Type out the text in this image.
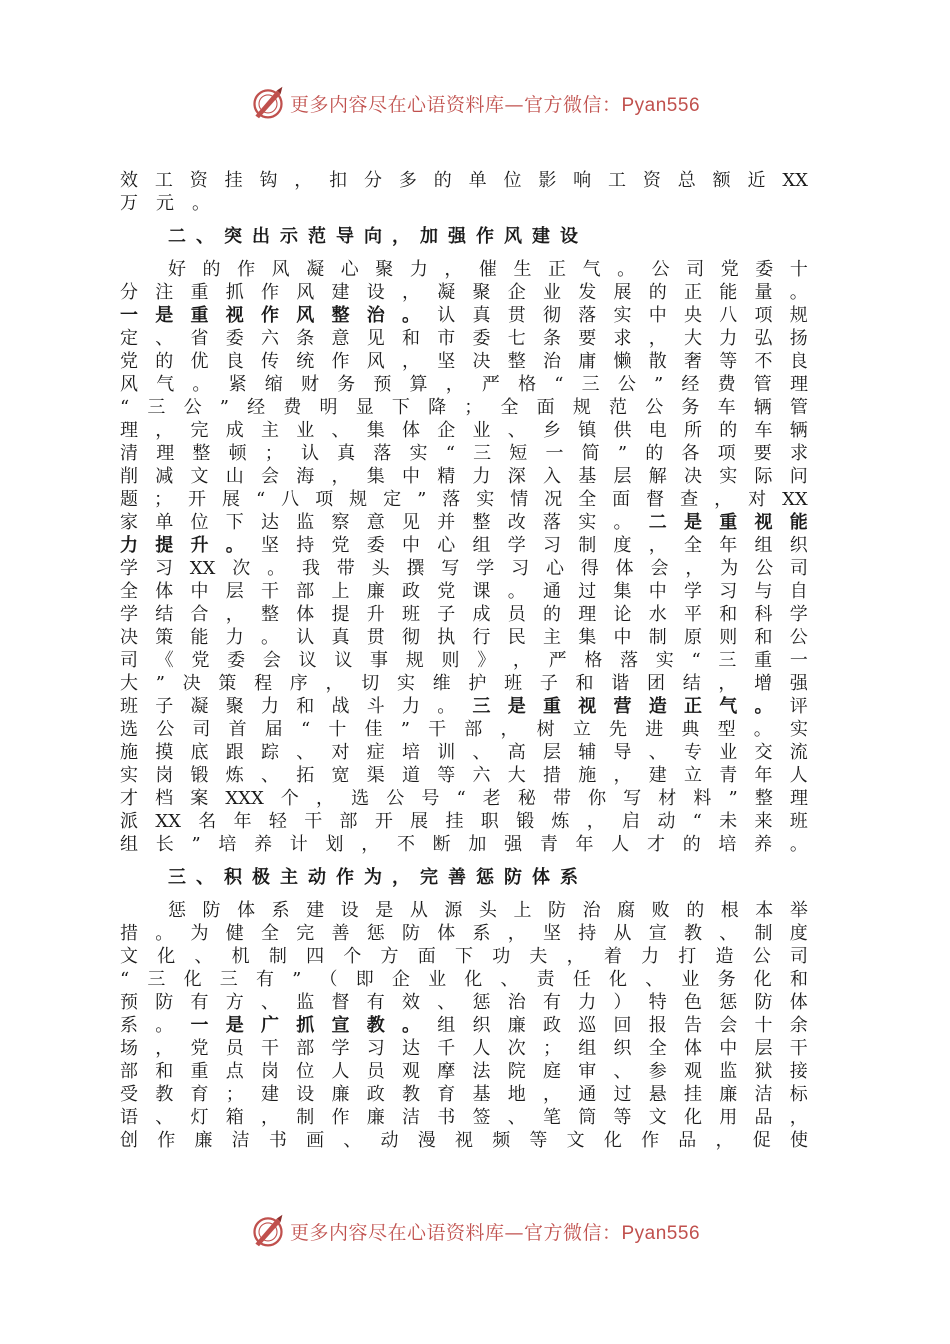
更多内容尽在心语资料库—官方微信：Pyan556
效 工 资 挂 钩 ， 扣 分 多 的 单 位 影 响 工 资 总 额 近 XX
万 元 。
二、突出示范导向，加强作风建设
好 的 作 风 凝 心 聚 力 ， 催 生 正 气 。 公 司 党 委 十
分 注 重 抓 作 风 建 设 ， 凝 聚 企 业 发 展 的 正 能 量 。
一 是 重 视 作 风 整 治 。 认 真 贯 彻 落 实 中 央 八 项 规
定 、 省 委 六 条 意 见 和 市 委 七 条 要 求 ， 大 力 弘 扬
党 的 优 良 传 统 作 风 ， 坚 决 整 治 庸 懒 散 奢 等 不 良
风 气 。 紧 缩 财 务 预 算 ， 严 格 “ 三 公 ” 经 费 管 理
“ 三 公 ” 经 费 明 显 下 降 ； 全 面 规 范 公 务 车 辆 管
理 ， 完 成 主 业 、 集 体 企 业 、 乡 镇 供 电 所 的 车 辆
清 理 整 顿 ； 认 真 落 实 “ 三 短 一 简 ” 的 各 项 要 求
削 减 文 山 会 海 ， 集 中 精 力 深 入 基 层 解 决 实 际 问
题 ； 开 展 “ 八 项 规 定 ” 落 实 情 况 全 面 督 查 ， 对 XX
家 单 位 下 达 监 察 意 见 并 整 改 落 实 。 二 是 重 视 能
力 提 升 。 坚 持 党 委 中 心 组 学 习 制 度 ， 全 年 组 织
学 习 XX 次 。 我 带 头 撰 写 学 习 心 得 体 会 ， 为 公 司
全 体 中 层 干 部 上 廉 政 党 课 。 通 过 集 中 学 习 与 自
学 结 合 ， 整 体 提 升 班 子 成 员 的 理 论 水 平 和 科 学
决 策 能 力 。 认 真 贯 彻 执 行 民 主 集 中 制 原 则 和 公
司 《 党 委 会 议 议 事 规 则 》 ， 严 格 落 实 “ 三 重 一
大 ” 决 策 程 序 ， 切 实 维 护 班 子 和 谐 团 结 ， 增 强
班 子 凝 聚 力 和 战 斗 力 。 三 是 重 视 营 造 正 气 。 评
选 公 司 首 届 “ 十 佳 ” 干 部 ， 树 立 先 进 典 型 。 实
施 摸 底 跟 踪 、 对 症 培 训 、 高 层 辅 导 、 专 业 交 流
实 岗 锻 炼 、 拓 宽 渠 道 等 六 大 措 施 ， 建 立 青 年 人
才 档 案 XXX 个 ， 选 公 号 “ 老 秘 带 你 写 材 料 ” 整 理
派 XX 名 年 轻 干 部 开 展 挂 职 锻 炼 ， 启 动 “ 未 来 班
组 长 ” 培 养 计 划 ， 不 断 加 强 青 年 人 才 的 培 养 。
三、积极主动作为，完善惩防体系
惩 防 体 系 建 设 是 从 源 头 上 防 治 腐 败 的 根 本 举
措 。 为 健 全 完 善 惩 防 体 系 ， 坚 持 从 宣 教 、 制 度
文 化 、 机 制 四 个 方 面 下 功 夫 ， 着 力 打 造 公 司
“ 三 化 三 有 ” （ 即 企 业 化 、 责 任 化 、 业 务 化 和
预 防 有 方 、 监 督 有 效 、 惩 治 有 力 ） 特 色 惩 防 体
系 。 一 是 广 抓 宣 教 。 组 织 廉 政 巡 回 报 告 会 十 余
场 ， 党 员 干 部 学 习 达 千 人 次 ； 组 织 全 体 中 层 干
部 和 重 点 岗 位 人 员 观 摩 法 院 庭 审 、 参 观 监 狱 接
受 教 育 ； 建 设 廉 政 教 育 基 地 ， 通 过 悬 挂 廉 洁 标
语 、 灯 箱 ， 制 作 廉 洁 书 签 、 笔 筒 等 文 化 用 品 ，
创 作 廉 洁 书 画 、 动 漫 视 频 等 文 化 作 品 ， 促 使
更多内容尽在心语资料库—官方微信：Pyan556
